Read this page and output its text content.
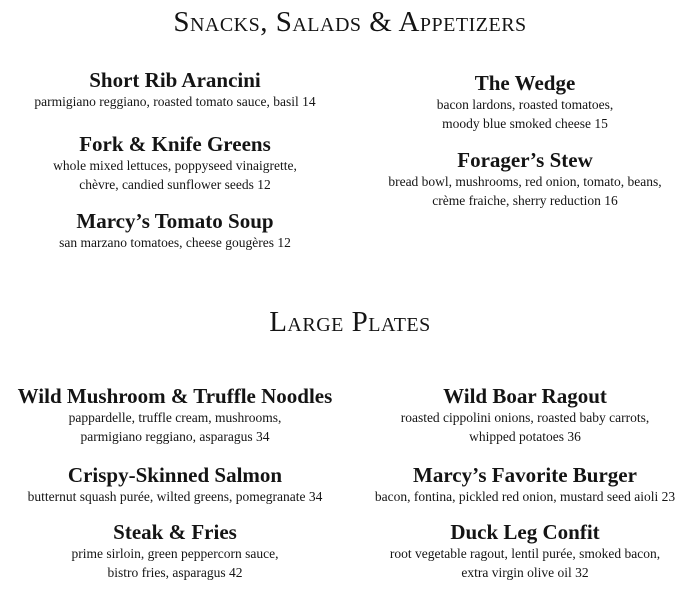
Snacks, Salads & Appetizers

Short Rib Arancini

parmigiano reggiano, roasted tomato sauce, basil 14

Fork & Knife Greens

whole mixed lettuces, poppyseed vinaigrette,
chèvre, candied sunflower seeds 12

Marcy’s Tomato Soup

san marzano tomatoes, cheese gougères 12

The Wedge

bacon lardons, roasted tomatoes,
moody blue smoked cheese 15

Forager’s Stew

bread bowl, mushrooms, red onion, tomato, beans,
crème fraiche, sherry reduction 16

Large Plates

Wild Mushroom & Truffle Noodles

pappardelle, truffle cream, mushrooms,
parmigiano reggiano, asparagus 34

Crispy-Skinned Salmon

butternut squash purée, wilted greens, pomegranate 34

Steak & Fries

prime sirloin, green peppercorn sauce,
bistro fries, asparagus 42

Wild Boar Ragout

roasted cippolini onions, roasted baby carrots,
whipped potatoes 36

Marcy’s Favorite Burger

bacon, fontina, pickled red onion, mustard seed aioli 23

Duck Leg Confit

root vegetable ragout, lentil purée, smoked bacon,
extra virgin olive oil 32
